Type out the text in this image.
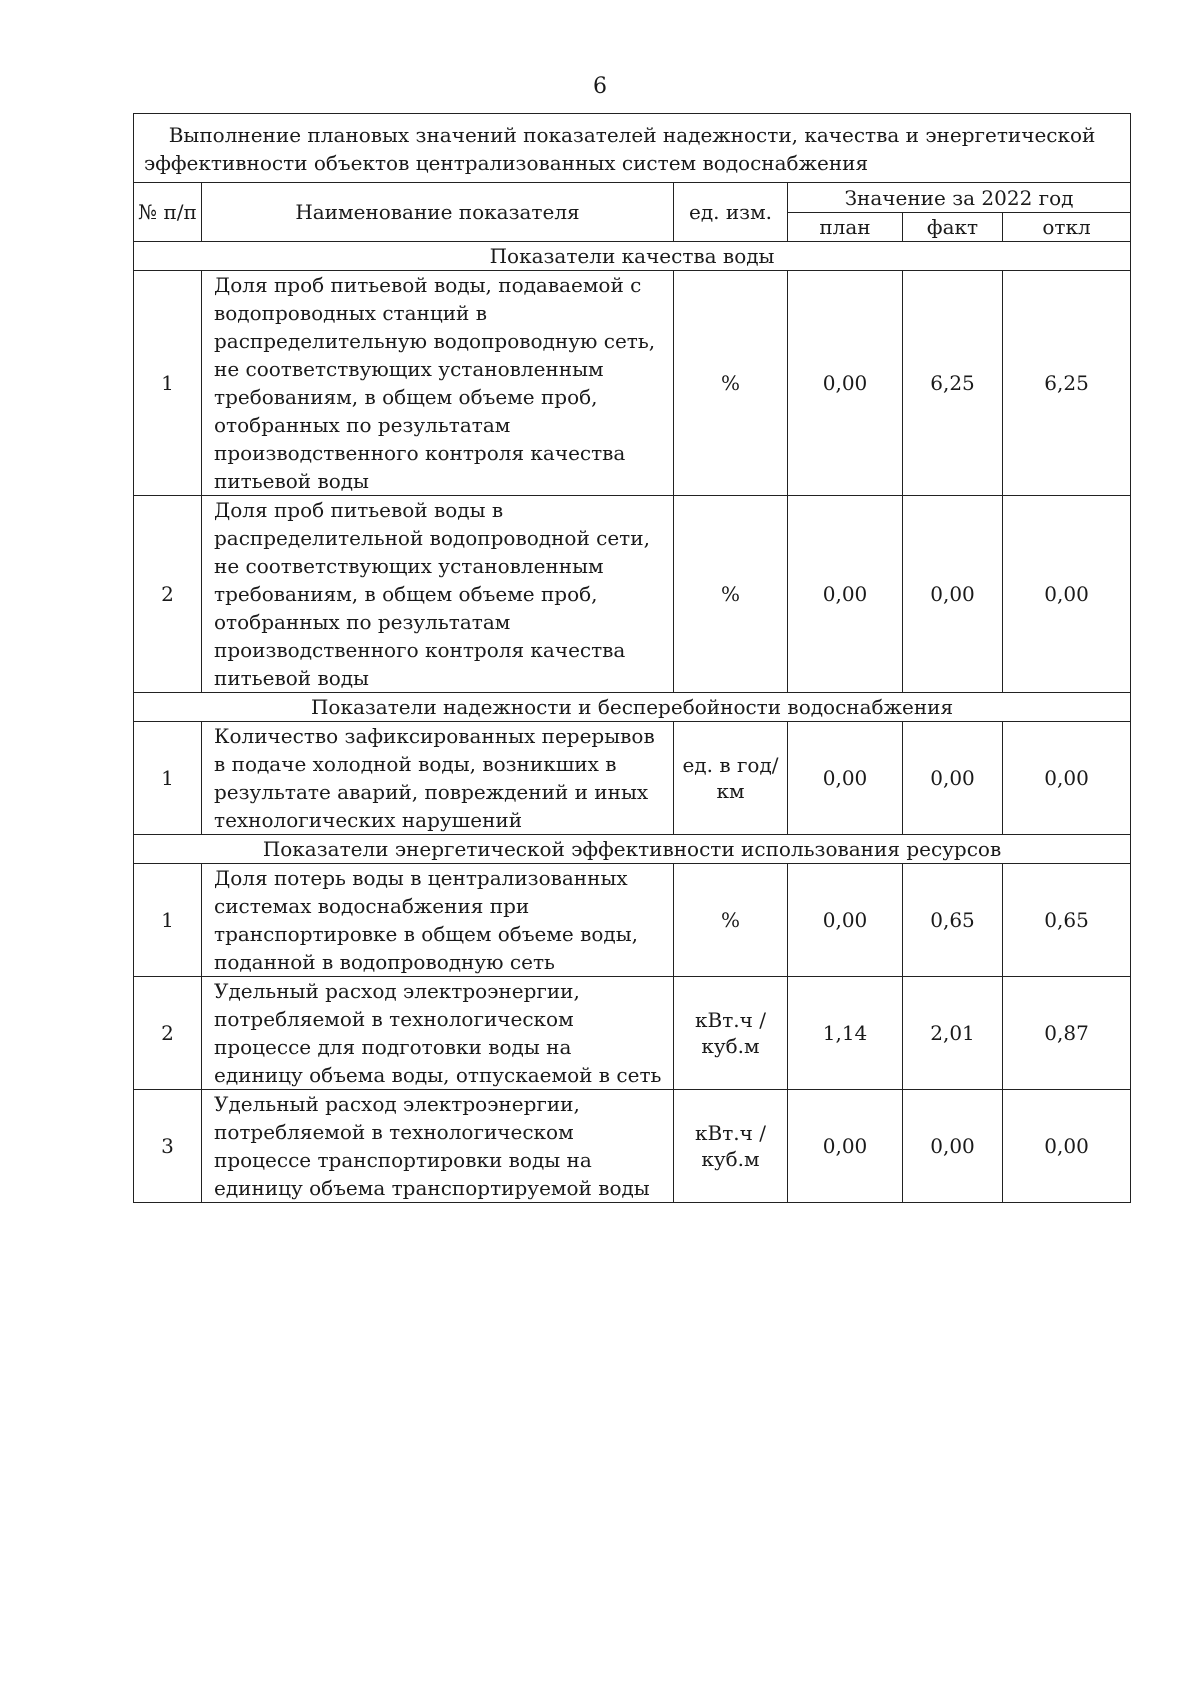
6
Выполнение плановых значений показателей надежности, качества и энергетической эффективности объектов централизованных систем водоснабжения					

№ п/п	Наименование показателя	ед. изм.	Значение за 2022 год		
			план	факт	откл
Показатели качества воды					
1	Доля проб питьевой воды, подаваемой с водопроводных станций в распределительную водопроводную сеть, не соответствующих установленным требованиям, в общем объеме проб, отобранных по результатам производственного контроля качества питьевой воды	%	0,00	6,25	6,25
2	Доля проб питьевой воды в распределительной водопроводной сети, не соответствующих установленным требованиям, в общем объеме проб, отобранных по результатам производственного контроля качества питьевой воды	%	0,00	0,00	0,00
Показатели надежности и бесперебойности водоснабжения					
1	Количество зафиксированных перерывов в подаче холодной воды, возникших в результате аварий, повреждений и иных технологических нарушений	ед. в год/ км	0,00	0,00	0,00
Показатели энергетической эффективности использования ресурсов					
1	Доля потерь воды в централизованных системах водоснабжения при транспортировке в общем объеме воды, поданной в водопроводную сеть	%	0,00	0,65	0,65
2	Удельный расход электроэнергии, потребляемой в технологическом процессе для подготовки воды на единицу объема воды, отпускаемой в сеть	кВт.ч / куб.м	1,14	2,01	0,87
3	Удельный расход электроэнергии, потребляемой в технологическом процессе транспортировки воды на единицу объема транспортируемой воды	кВт.ч / куб.м	0,00	0,00	0,00
